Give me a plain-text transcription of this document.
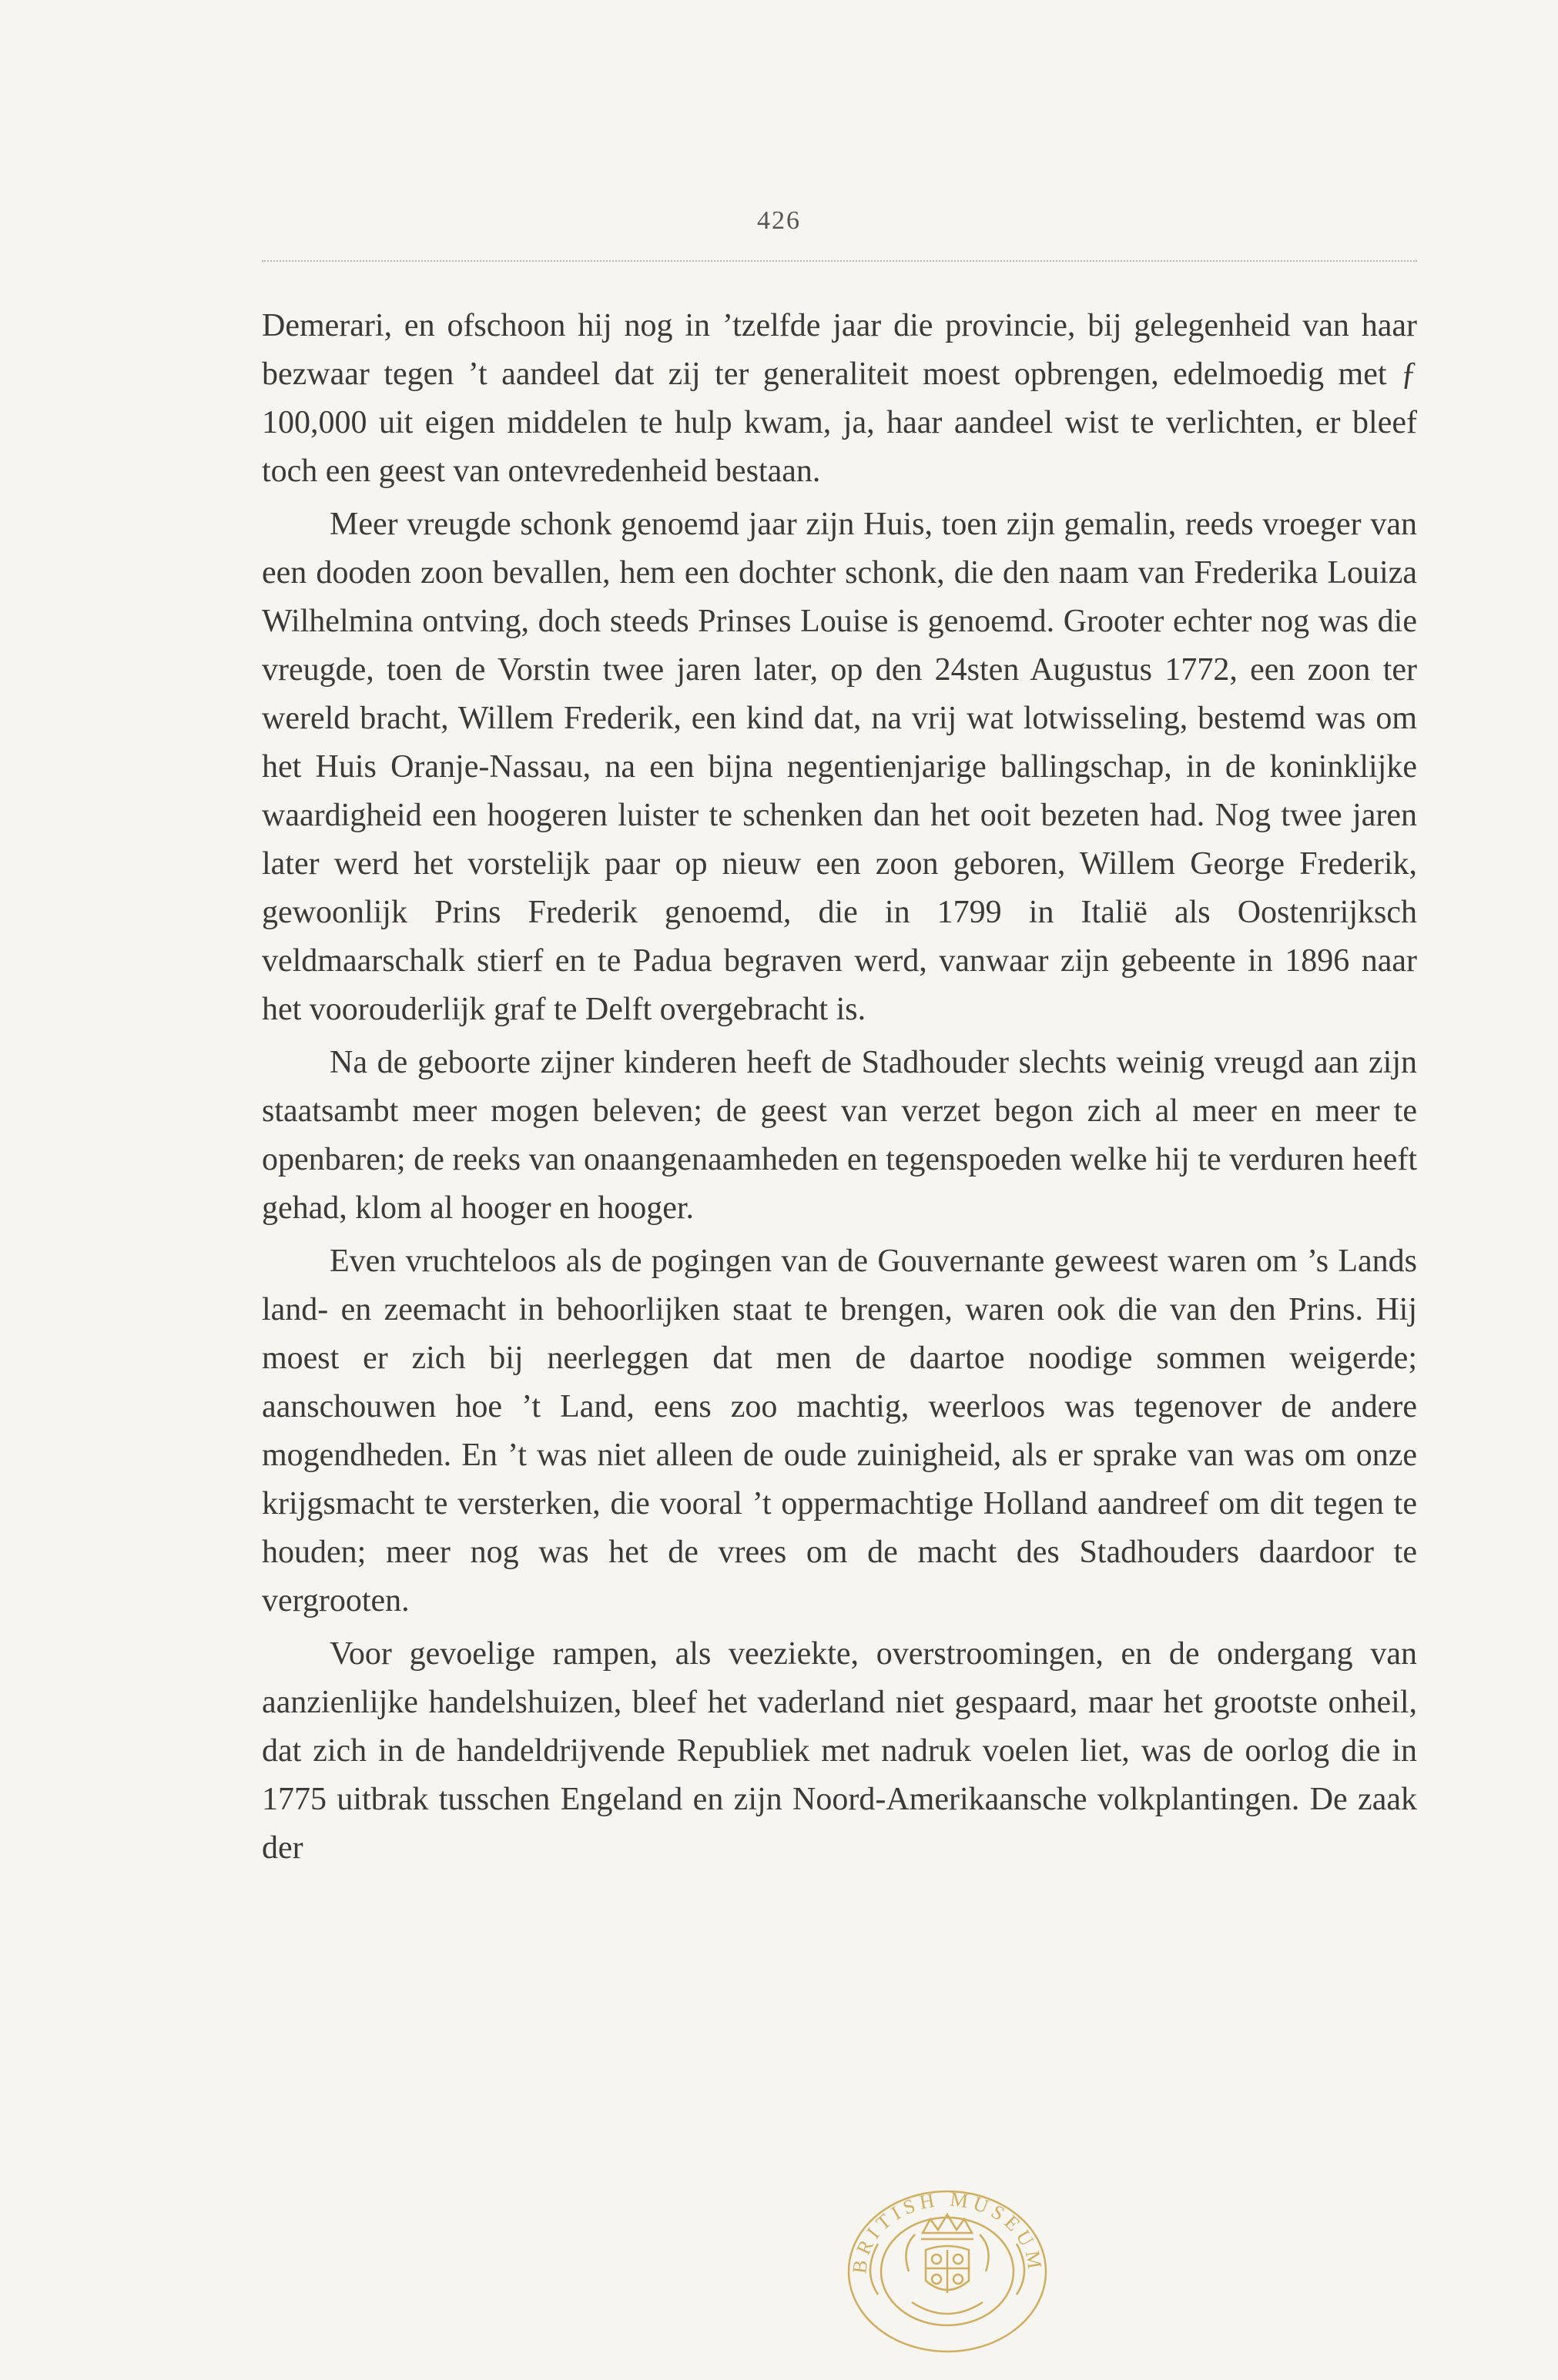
426

Demerari, en ofschoon hij nog in ’tzelfde jaar die provincie, bij gelegenheid van haar bezwaar tegen ’t aandeel dat zij ter generaliteit moest opbrengen, edelmoedig met ƒ 100,000 uit eigen middelen te hulp kwam, ja, haar aandeel wist te verlichten, er bleef toch een geest van ontevredenheid bestaan.

Meer vreugde schonk genoemd jaar zijn Huis, toen zijn gemalin, reeds vroeger van een dooden zoon bevallen, hem een dochter schonk, die den naam van Frederika Louiza Wilhelmina ontving, doch steeds Prinses Louise is genoemd. Grooter echter nog was die vreugde, toen de Vorstin twee jaren later, op den 24sten Augustus 1772, een zoon ter wereld bracht, Willem Frederik, een kind dat, na vrij wat lotwisseling, bestemd was om het Huis Oranje-Nassau, na een bijna negentienjarige ballingschap, in de koninklijke waardigheid een hoogeren luister te schenken dan het ooit bezeten had. Nog twee jaren later werd het vorstelijk paar op nieuw een zoon geboren, Willem George Frederik, gewoonlijk Prins Frederik genoemd, die in 1799 in Italië als Oostenrijksch veldmaarschalk stierf en te Padua begraven werd, vanwaar zijn gebeente in 1896 naar het voorouderlijk graf te Delft overgebracht is.

Na de geboorte zijner kinderen heeft de Stadhouder slechts weinig vreugd aan zijn staatsambt meer mogen beleven; de geest van verzet begon zich al meer en meer te openbaren; de reeks van onaangenaamheden en tegenspoeden welke hij te verduren heeft gehad, klom al hooger en hooger.

Even vruchteloos als de pogingen van de Gouvernante geweest waren om ’s Lands land- en zeemacht in behoorlijken staat te brengen, waren ook die van den Prins. Hij moest er zich bij neerleggen dat men de daartoe noodige sommen weigerde; aanschouwen hoe ’t Land, eens zoo machtig, weerloos was tegenover de andere mogendheden. En ’t was niet alleen de oude zuinigheid, als er sprake van was om onze krijgsmacht te versterken, die vooral ’t oppermachtige Holland aandreef om dit tegen te houden; meer nog was het de vrees om de macht des Stadhouders daardoor te vergrooten.

Voor gevoelige rampen, als veeziekte, overstroomingen, en de ondergang van aanzienlijke handelshuizen, bleef het vaderland niet gespaard, maar het grootste onheil, dat zich in de handeldrijvende Republiek met nadruk voelen liet, was de oorlog die in 1775 uitbrak tusschen Engeland en zijn Noord-Amerikaansche volkplantingen. De zaak der

BRITISH MUSEUM
